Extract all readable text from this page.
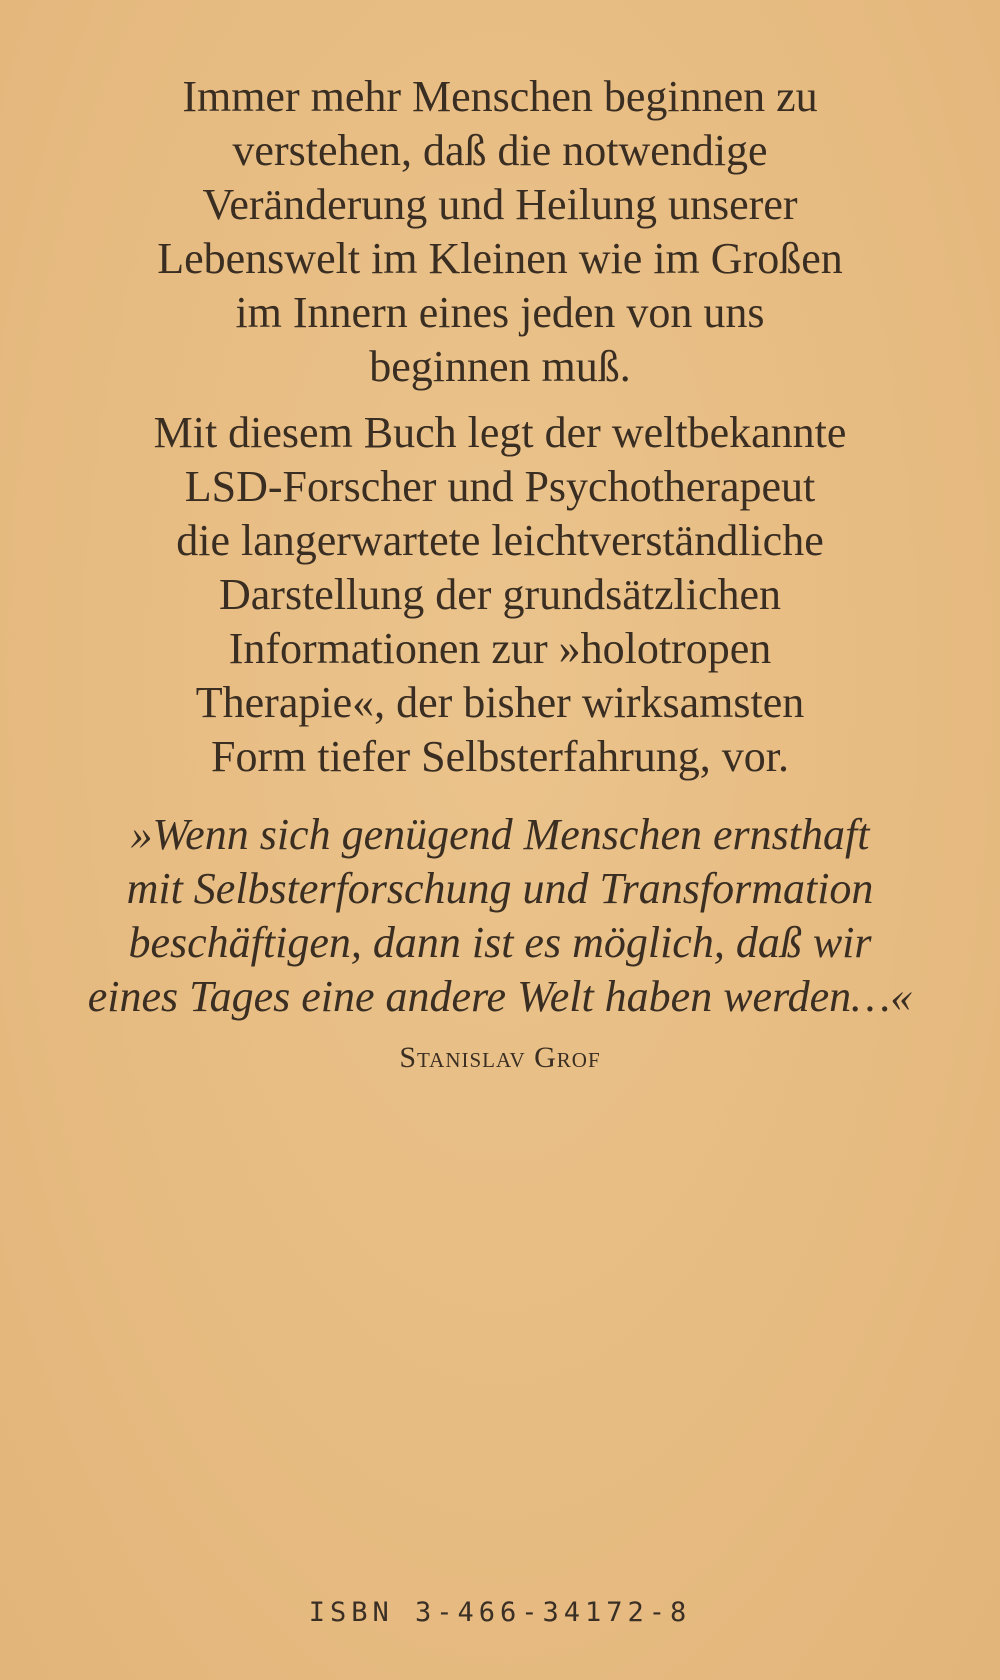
Immer mehr Menschen beginnen zu
verstehen, daß die notwendige
Veränderung und Heilung unserer
Lebenswelt im Kleinen wie im Großen
im Innern eines jeden von uns
beginnen muß.
Mit diesem Buch legt der weltbekannte
LSD-Forscher und Psychotherapeut
die langerwartete leichtverständliche
Darstellung der grundsätzlichen
Informationen zur »holotropen
Therapie«, der bisher wirksamsten
Form tiefer Selbsterfahrung, vor.
»Wenn sich genügend Menschen ernsthaft
mit Selbsterforschung und Transformation
beschäftigen, dann ist es möglich, daß wir
eines Tages eine andere Welt haben werden…«
Stanislav Grof
ISBN 3-466-34172-8
